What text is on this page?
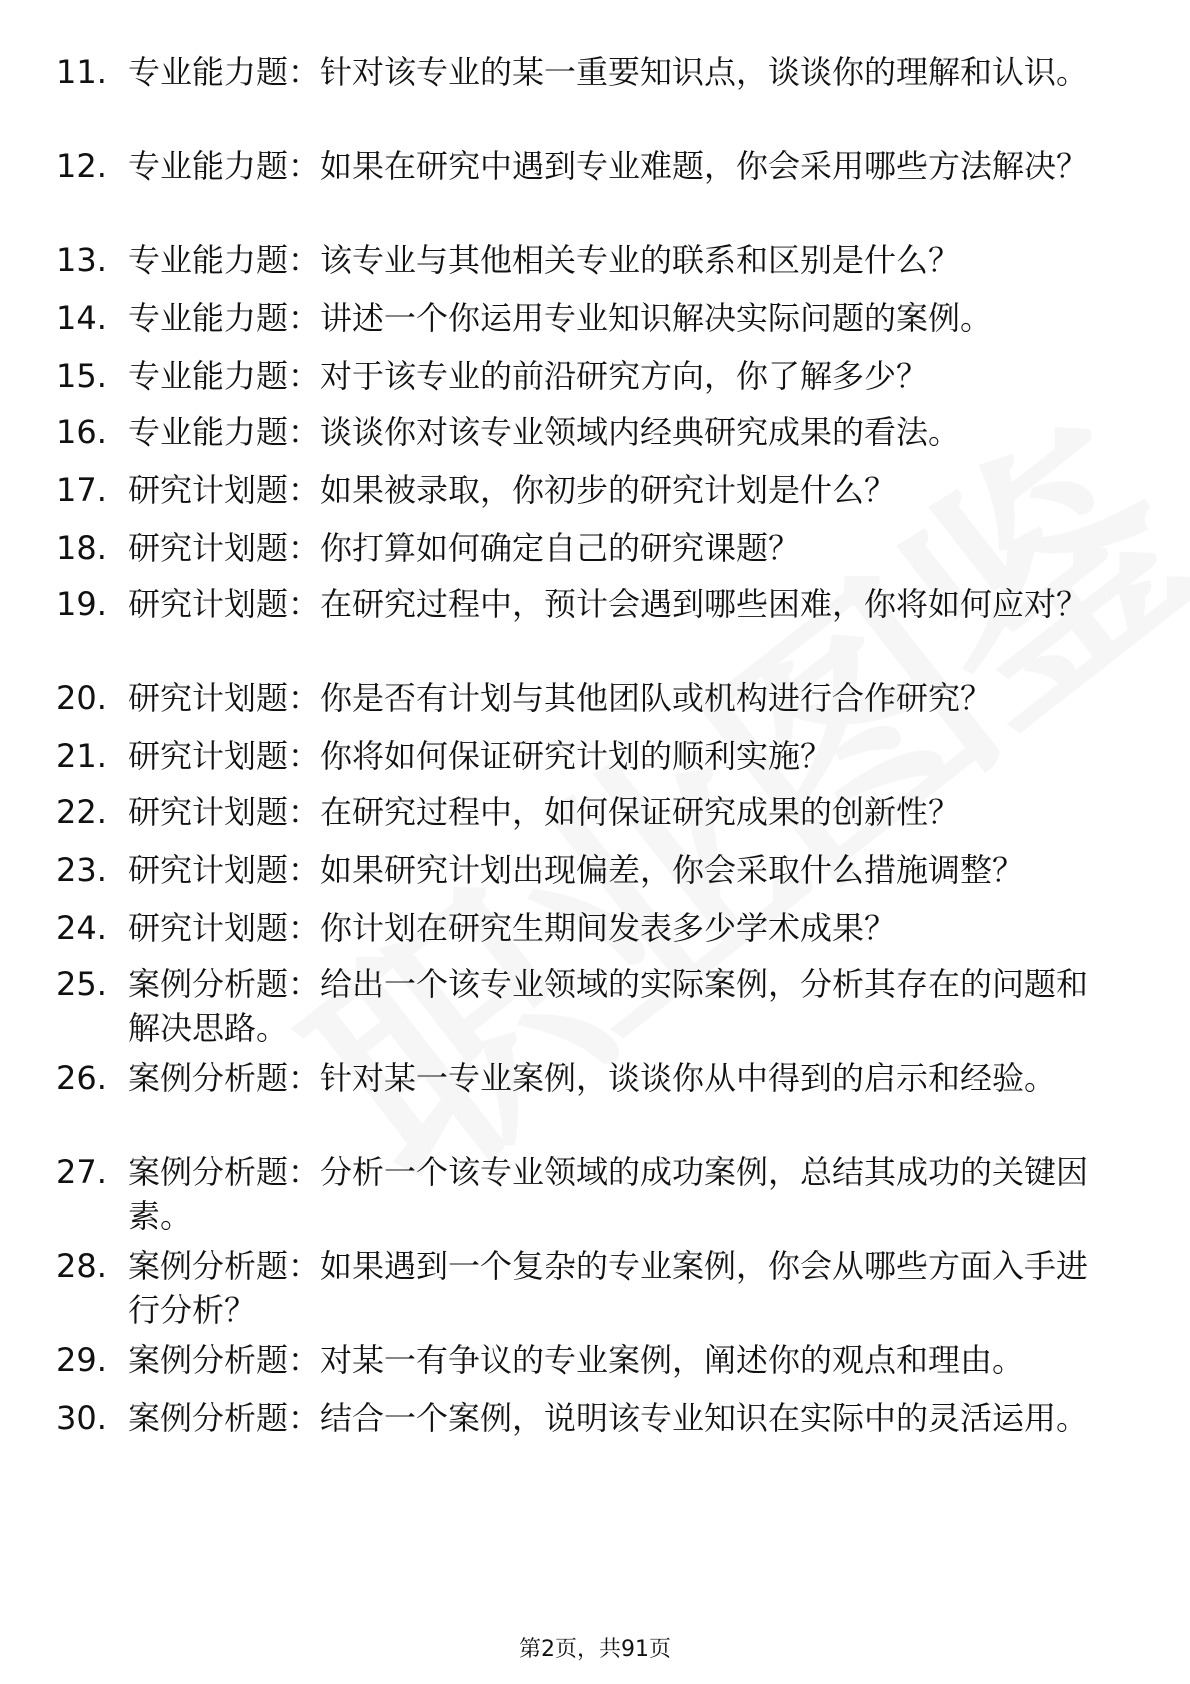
11. 专业能力题：针对该专业的某一重要知识点，谈谈你的理解和认识。
12. 专业能力题：如果在研究中遇到专业难题，你会采用哪些方法解决？
13. 专业能力题：该专业与其他相关专业的联系和区别是什么？
14. 专业能力题：讲述一个你运用专业知识解决实际问题的案例。
15. 专业能力题：对于该专业的前沿研究方向，你了解多少？
16. 专业能力题：谈谈你对该专业领域内经典研究成果的看法。
17. 研究计划题：如果被录取，你初步的研究计划是什么？
18. 研究计划题：你打算如何确定自己的研究课题？
19. 研究计划题：在研究过程中，预计会遇到哪些困难，你将如何应对？
20. 研究计划题：你是否有计划与其他团队或机构进行合作研究？
21. 研究计划题：你将如何保证研究计划的顺利实施？
22. 研究计划题：在研究过程中，如何保证研究成果的创新性？
23. 研究计划题：如果研究计划出现偏差，你会采取什么措施调整？
24. 研究计划题：你计划在研究生期间发表多少学术成果？
25. 案例分析题：给出一个该专业领域的实际案例，分析其存在的问题和解决思路。
26. 案例分析题：针对某一专业案例，谈谈你从中得到的启示和经验。
27. 案例分析题：分析一个该专业领域的成功案例，总结其成功的关键因素。
28. 案例分析题：如果遇到一个复杂的专业案例，你会从哪些方面入手进行分析？
29. 案例分析题：对某一有争议的专业案例，阐述你的观点和理由。
30. 案例分析题：结合一个案例，说明该专业知识在实际中的灵活运用。
第2页，共91页
